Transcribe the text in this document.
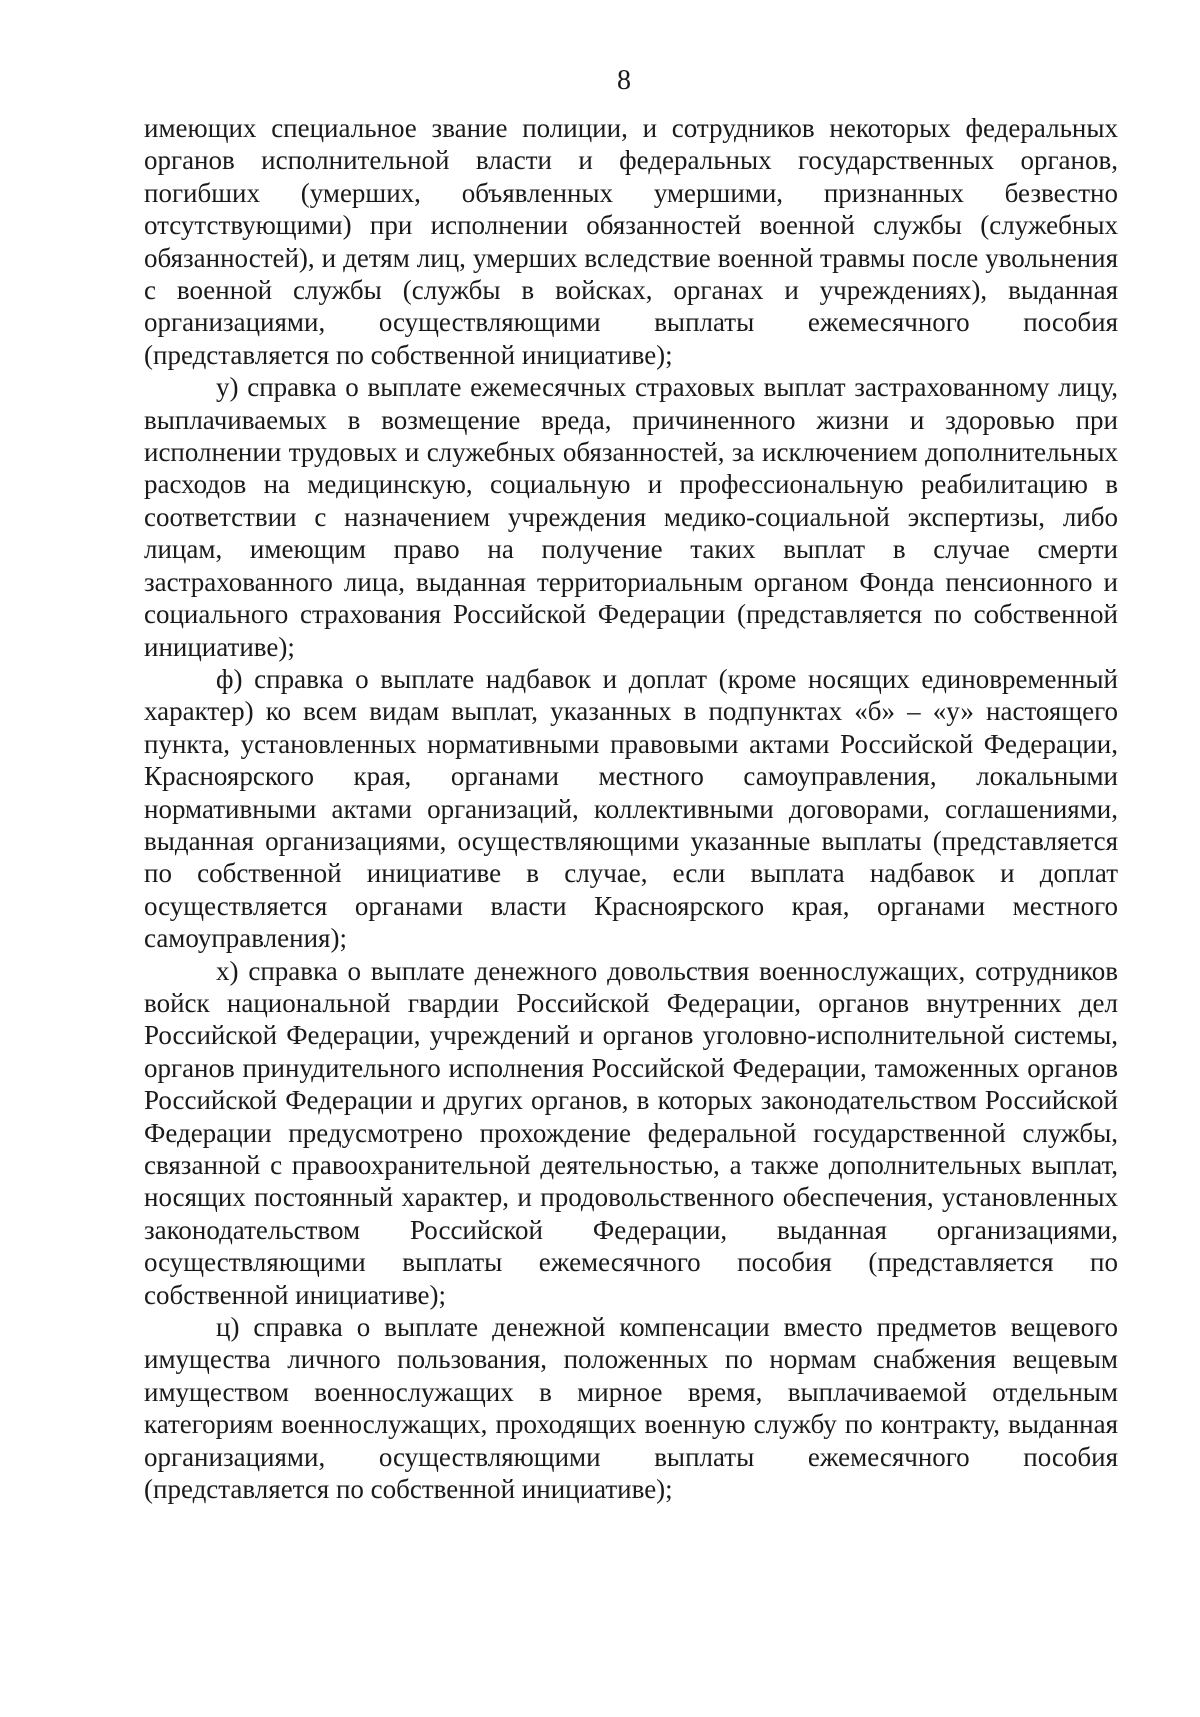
8

имеющих специальное звание полиции, и сотрудников некоторых федеральных органов исполнительной власти и федеральных государственных органов, погибших (умерших, объявленных умершими, признанных безвестно отсутствующими) при исполнении обязанностей военной службы (служебных обязанностей), и детям лиц, умерших вследствие военной травмы после увольнения с военной службы (службы в войсках, органах и учреждениях), выданная организациями, осуществляющими выплаты ежемесячного пособия (представляется по собственной инициативе);

у) справка о выплате ежемесячных страховых выплат застрахованному лицу, выплачиваемых в возмещение вреда, причиненного жизни и здоровью при исполнении трудовых и служебных обязанностей, за исключением дополнительных расходов на медицинскую, социальную и профессиональную реабилитацию в соответствии с назначением учреждения медико-социальной экспертизы, либо лицам, имеющим право на получение таких выплат в случае смерти застрахованного лица, выданная территориальным органом Фонда пенсионного и социального страхования Российской Федерации (представляется по собственной инициативе);

ф) справка о выплате надбавок и доплат (кроме носящих единовременный характер) ко всем видам выплат, указанных в подпунктах «б» – «у» настоящего пункта, установленных нормативными правовыми актами Российской Федерации, Красноярского края, органами местного самоуправления, локальными нормативными актами организаций, коллективными договорами, соглашениями, выданная организациями, осуществляющими указанные выплаты (представляется по собственной инициативе в случае, если выплата надбавок и доплат осуществляется органами власти Красноярского края, органами местного самоуправления);

х) справка о выплате денежного довольствия военнослужащих, сотрудников войск национальной гвардии Российской Федерации, органов внутренних дел Российской Федерации, учреждений и органов уголовно-исполнительной системы, органов принудительного исполнения Российской Федерации, таможенных органов Российской Федерации и других органов, в которых законодательством Российской Федерации предусмотрено прохождение федеральной государственной службы, связанной с правоохранительной деятельностью, а также дополнительных выплат, носящих постоянный характер, и продовольственного обеспечения, установленных законодательством Российской Федерации, выданная организациями, осуществляющими выплаты ежемесячного пособия (представляется по собственной инициативе);

ц) справка о выплате денежной компенсации вместо предметов вещевого имущества личного пользования, положенных по нормам снабжения вещевым имуществом военнослужащих в мирное время, выплачиваемой отдельным категориям военнослужащих, проходящих военную службу по контракту, выданная организациями, осуществляющими выплаты ежемесячного пособия (представляется по собственной инициативе);
